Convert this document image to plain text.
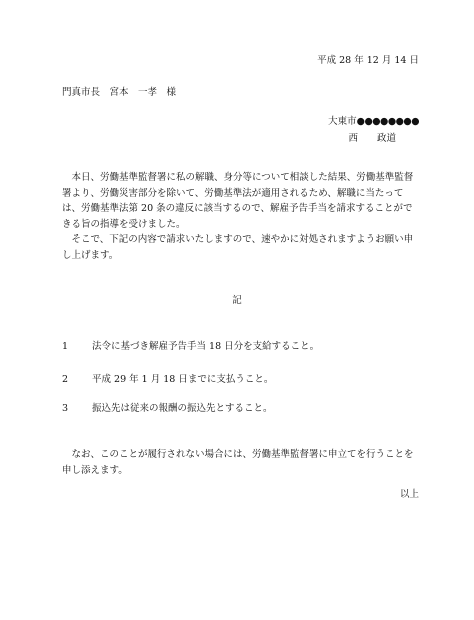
平成 28 年 12 月 14 日
門真市長　宮本　一孝　様
大東市●●●●●●●●
西　　政道

本日、労働基準監督署に私の解職、身分等について相談した結果、労働基準監督署より、労働災害部分を除いて、労働基準法が適用されるため、解職に当たっては、労働基準法第 20 条の違反に該当するので、解雇予告手当を請求することができる旨の指導を受けました。

そこで、下記の内容で請求いたしますので、速やかに対処されますようお願い申し上げます。

記
1	法令に基づき解雇予告手当 18 日分を支給すること。
2	平成 29 年 1 月 18 日までに支払うこと。
3	振込先は従来の報酬の振込先とすること。

なお、このことが履行されない場合には、労働基準監督署に申立てを行うことを申し添えます。

以上
